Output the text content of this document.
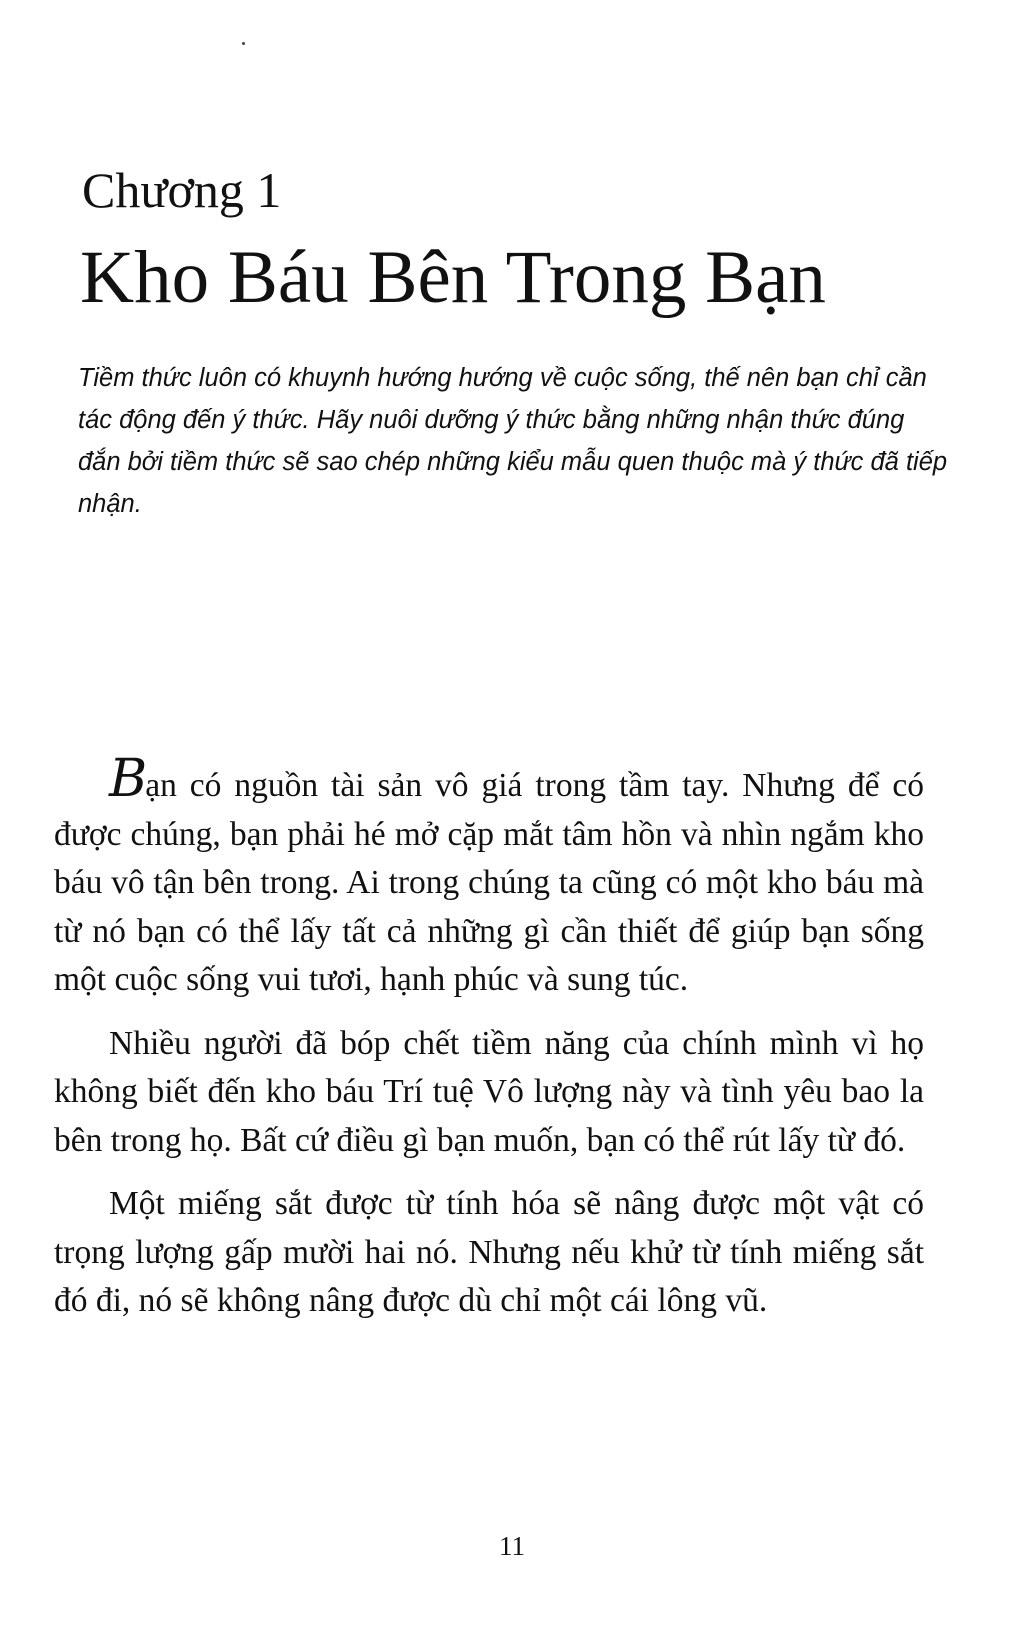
Chương 1
Kho Báu Bên Trong Bạn
Tiềm thức luôn có khuynh hướng hướng về cuộc sống, thế nên bạn chỉ cần tác động đến ý thức. Hãy nuôi dưỡng ý thức bằng những nhận thức đúng đắn bởi tiềm thức sẽ sao chép những kiểu mẫu quen thuộc mà ý thức đã tiếp nhận.

Bạn có nguồn tài sản vô giá trong tầm tay. Nhưng để có được chúng, bạn phải hé mở cặp mắt tâm hồn và nhìn ngắm kho báu vô tận bên trong. Ai trong chúng ta cũng có một kho báu mà từ nó bạn có thể lấy tất cả những gì cần thiết để giúp bạn sống một cuộc sống vui tươi, hạnh phúc và sung túc.

Nhiều người đã bóp chết tiềm năng của chính mình vì họ không biết đến kho báu Trí tuệ Vô lượng này và tình yêu bao la bên trong họ. Bất cứ điều gì bạn muốn, bạn có thể rút lấy từ đó.

Một miếng sắt được từ tính hóa sẽ nâng được một vật có trọng lượng gấp mười hai nó. Nhưng nếu khử từ tính miếng sắt đó đi, nó sẽ không nâng được dù chỉ một cái lông vũ.

11
